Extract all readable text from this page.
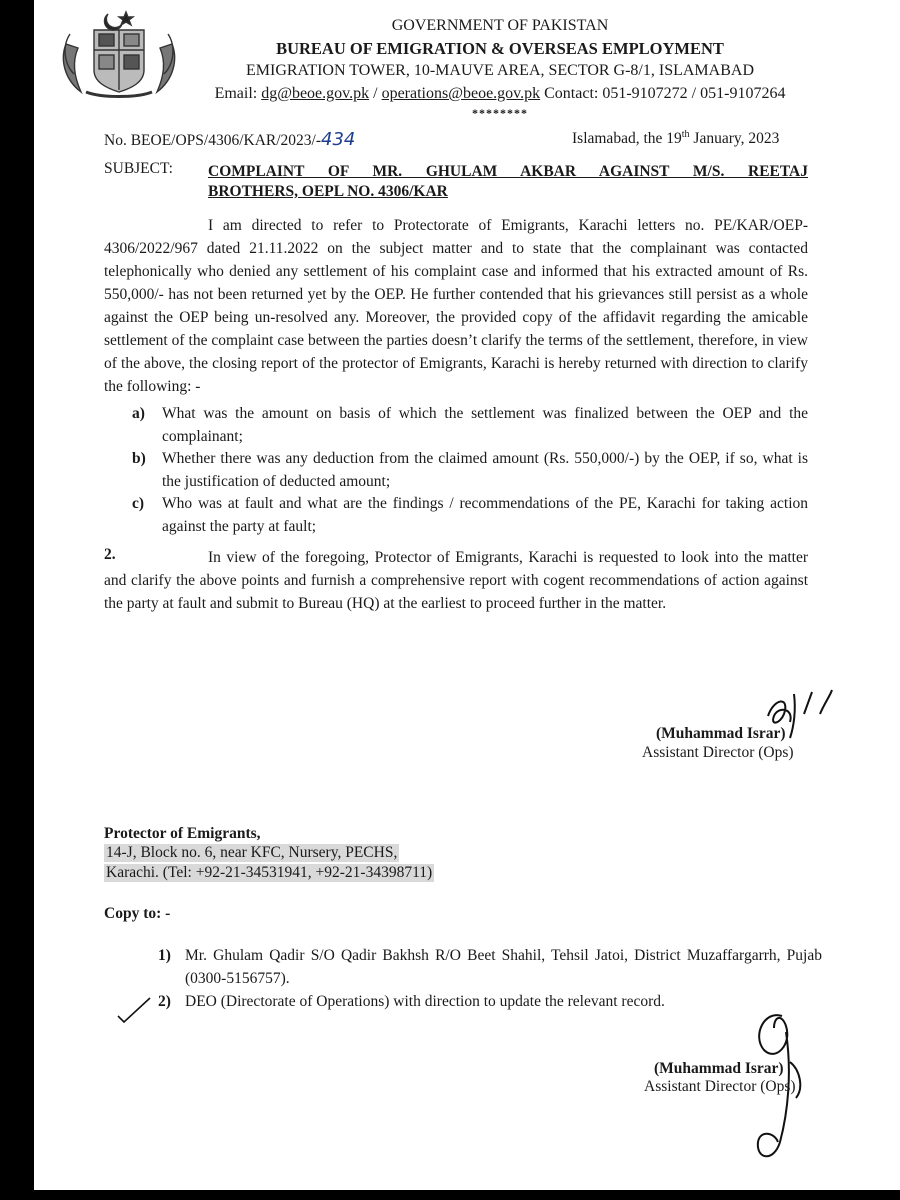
GOVERNMENT OF PAKISTAN
BUREAU OF EMIGRATION & OVERSEAS EMPLOYMENT
EMIGRATION TOWER, 10-MAUVE AREA, SECTOR G-8/1, ISLAMABAD
Email: dg@beoe.gov.pk / operations@beoe.gov.pk Contact: 051-9107272 / 051-9107264
********
No. BEOE/OPS/4306/KAR/2023/-434	Islamabad, the 19th January, 2023
SUBJECT: COMPLAINT OF MR. GHULAM AKBAR AGAINST M/S. REETAJ
BROTHERS, OEPL NO. 4306/KAR
I am directed to refer to Protectorate of Emigrants, Karachi letters no. PE/KAR/OEP-4306/2022/967 dated 21.11.2022 on the subject matter and to state that the complainant was contacted telephonically who denied any settlement of his complaint case and informed that his extracted amount of Rs. 550,000/- has not been returned yet by the OEP. He further contended that his grievances still persist as a whole against the OEP being un-resolved any. Moreover, the provided copy of the affidavit regarding the amicable settlement of the complaint case between the parties doesn’t clarify the terms of the settlement, therefore, in view of the above, the closing report of the protector of Emigrants, Karachi is hereby returned with direction to clarify the following: -
a) What was the amount on basis of which the settlement was finalized between the OEP and the complainant;
b) Whether there was any deduction from the claimed amount (Rs. 550,000/-) by the OEP, if so, what is the justification of deducted amount;
c) Who was at fault and what are the findings / recommendations of the PE, Karachi for taking action against the party at fault;
2.	In view of the foregoing, Protector of Emigrants, Karachi is requested to look into the matter and clarify the above points and furnish a comprehensive report with cogent recommendations of action against the party at fault and submit to Bureau (HQ) at the earliest to proceed further in the matter.
(Muhammad Israr)
Assistant Director (Ops)
Protector of Emigrants,
14-J, Block no. 6, near KFC, Nursery, PECHS,
Karachi. (Tel: +92-21-34531941, +92-21-34398711)
Copy to: -
1) Mr. Ghulam Qadir S/O Qadir Bakhsh R/O Beet Shahil, Tehsil Jatoi, District Muzaffargarrh, Pujab (0300-5156757).
2) DEO (Directorate of Operations) with direction to update the relevant record.
(Muhammad Israr)
Assistant Director (Ops)
